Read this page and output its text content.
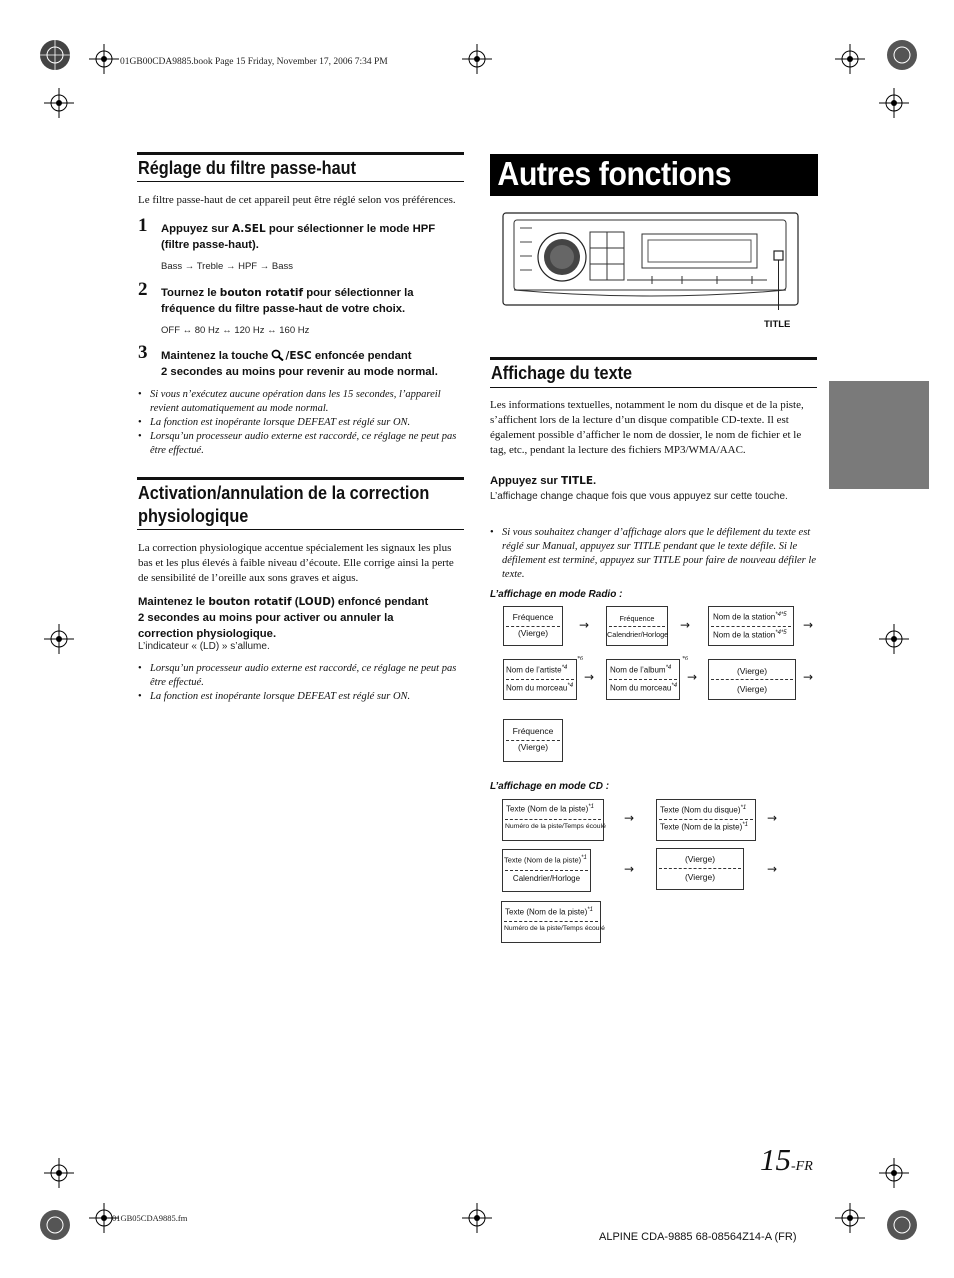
01GB00CDA9885.book Page 15 Friday, November 17, 2006 7:34 PM
01GB05CDA9885.fm
ALPINE CDA-9885 68-08564Z14-A (FR)
15-FR
Réglage du filtre passe-haut
Le filtre passe-haut de cet appareil peut être réglé selon vos préférences.
1 Appuyez sur A.SEL pour sélectionner le mode HPF
(filtre passe-haut).
Bass → Treble → HPF → Bass
2 Tournez le bouton rotatif pour sélectionner la
fréquence du filtre passe-haut de votre choix.
OFF ↔ 80 Hz ↔ 120 Hz ↔ 160 Hz
3 Maintenez la touche /ESC enfoncée pendant
2 secondes au moins pour revenir au mode normal.
• Si vous n’exécutez aucune opération dans les 15 secondes, l’appareil revient automatiquement au mode normal.
• La fonction est inopérante lorsque DEFEAT est réglé sur ON.
• Lorsqu’un processeur audio externe est raccordé, ce réglage ne peut pas être effectué.
Activation/annulation de la correction
physiologique
La correction physiologique accentue spécialement les signaux les plus bas et les plus élevés à faible niveau d’écoute. Elle corrige ainsi la perte de sensibilité de l’oreille aux sons graves et aigus.
Maintenez le bouton rotatif (LOUD) enfoncé pendant
2 secondes au moins pour activer ou annuler la
correction physiologique.
L’indicateur « (LD) » s’allume.
• Lorsqu’un processeur audio externe est raccordé, ce réglage ne peut pas être effectué.
• La fonction est inopérante lorsque DEFEAT est réglé sur ON.
Autres fonctions
TITLE
Affichage du texte
Les informations textuelles, notamment le nom du disque et de la piste, s’affichent lors de la lecture d’un disque compatible CD-texte. Il est également possible d’afficher le nom de dossier, le nom de fichier et le tag, etc., pendant la lecture des fichiers MP3/WMA/AAC.
Appuyez sur TITLE.
L’affichage change chaque fois que vous appuyez sur cette touche.
• Si vous souhaitez changer d’affichage alors que le défilement du texte est réglé sur Manual, appuyez sur TITLE pendant que le texte défile. Si le défilement est terminé, appuyez sur TITLE pour faire de nouveau défiler le texte.
L’affichage en mode Radio :
Fréquence
(Vierge)
→	Fréquence
Calendrier/Horloge
→
Nom de la station$^{*4*5}$
Nom de la station$^{*4*5}$
→
Nom de l’artiste$^{*4}$
Nom du morceau$^{*4}$
*6
→ Nom de l’album$^{*4}$
Nom du morceau$^{*4}$
*6
→	(Vierge)
(Vierge)
→
Fréquence
(Vierge)
L’affichage en mode CD :
Texte (Nom de la piste)$^{*1}$
Numéro de la piste/Temps écoulé
→
Texte (Nom du disque)$^{*1}$
Texte (Nom de la piste)$^{*1}$ →
Texte (Nom de la piste)$^{*1}$
Calendrier/Horloge
→
(Vierge)
(Vierge)
→
Texte (Nom de la piste)$^{*1}$
Numéro de la piste/Temps écoulé
